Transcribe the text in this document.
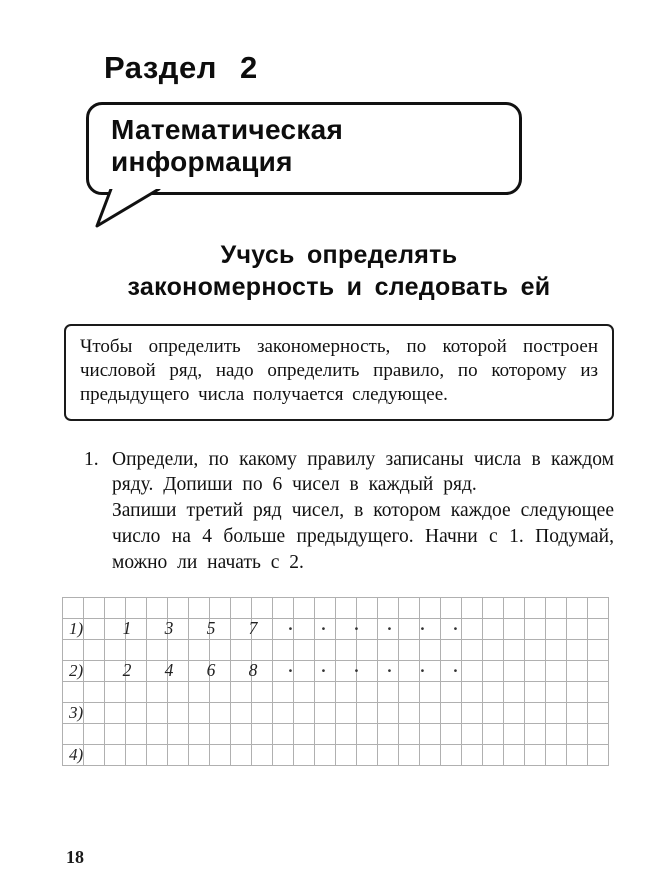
Раздел 2
Математическая
информация
Учусь определять
закономерность и следовать ей
Чтобы определить закономерность, по которой построен числовой ряд, надо определить правило, по которому из предыдущего числа получается следующее.
1. Определи, по какому правилу записаны числа в каждом ряду. Допиши по 6 чисел в каждый ряд.

Запиши третий ряд чисел, в котором каждое следующее число на 4 больше предыдущего. Начни с 1. Подумай, можно ли начать с 2.

1)	1	3	5	7	·	·	·	·	·	·
2)	2	4	6	8	·	·	·	·	·	·
3)
4)
18
